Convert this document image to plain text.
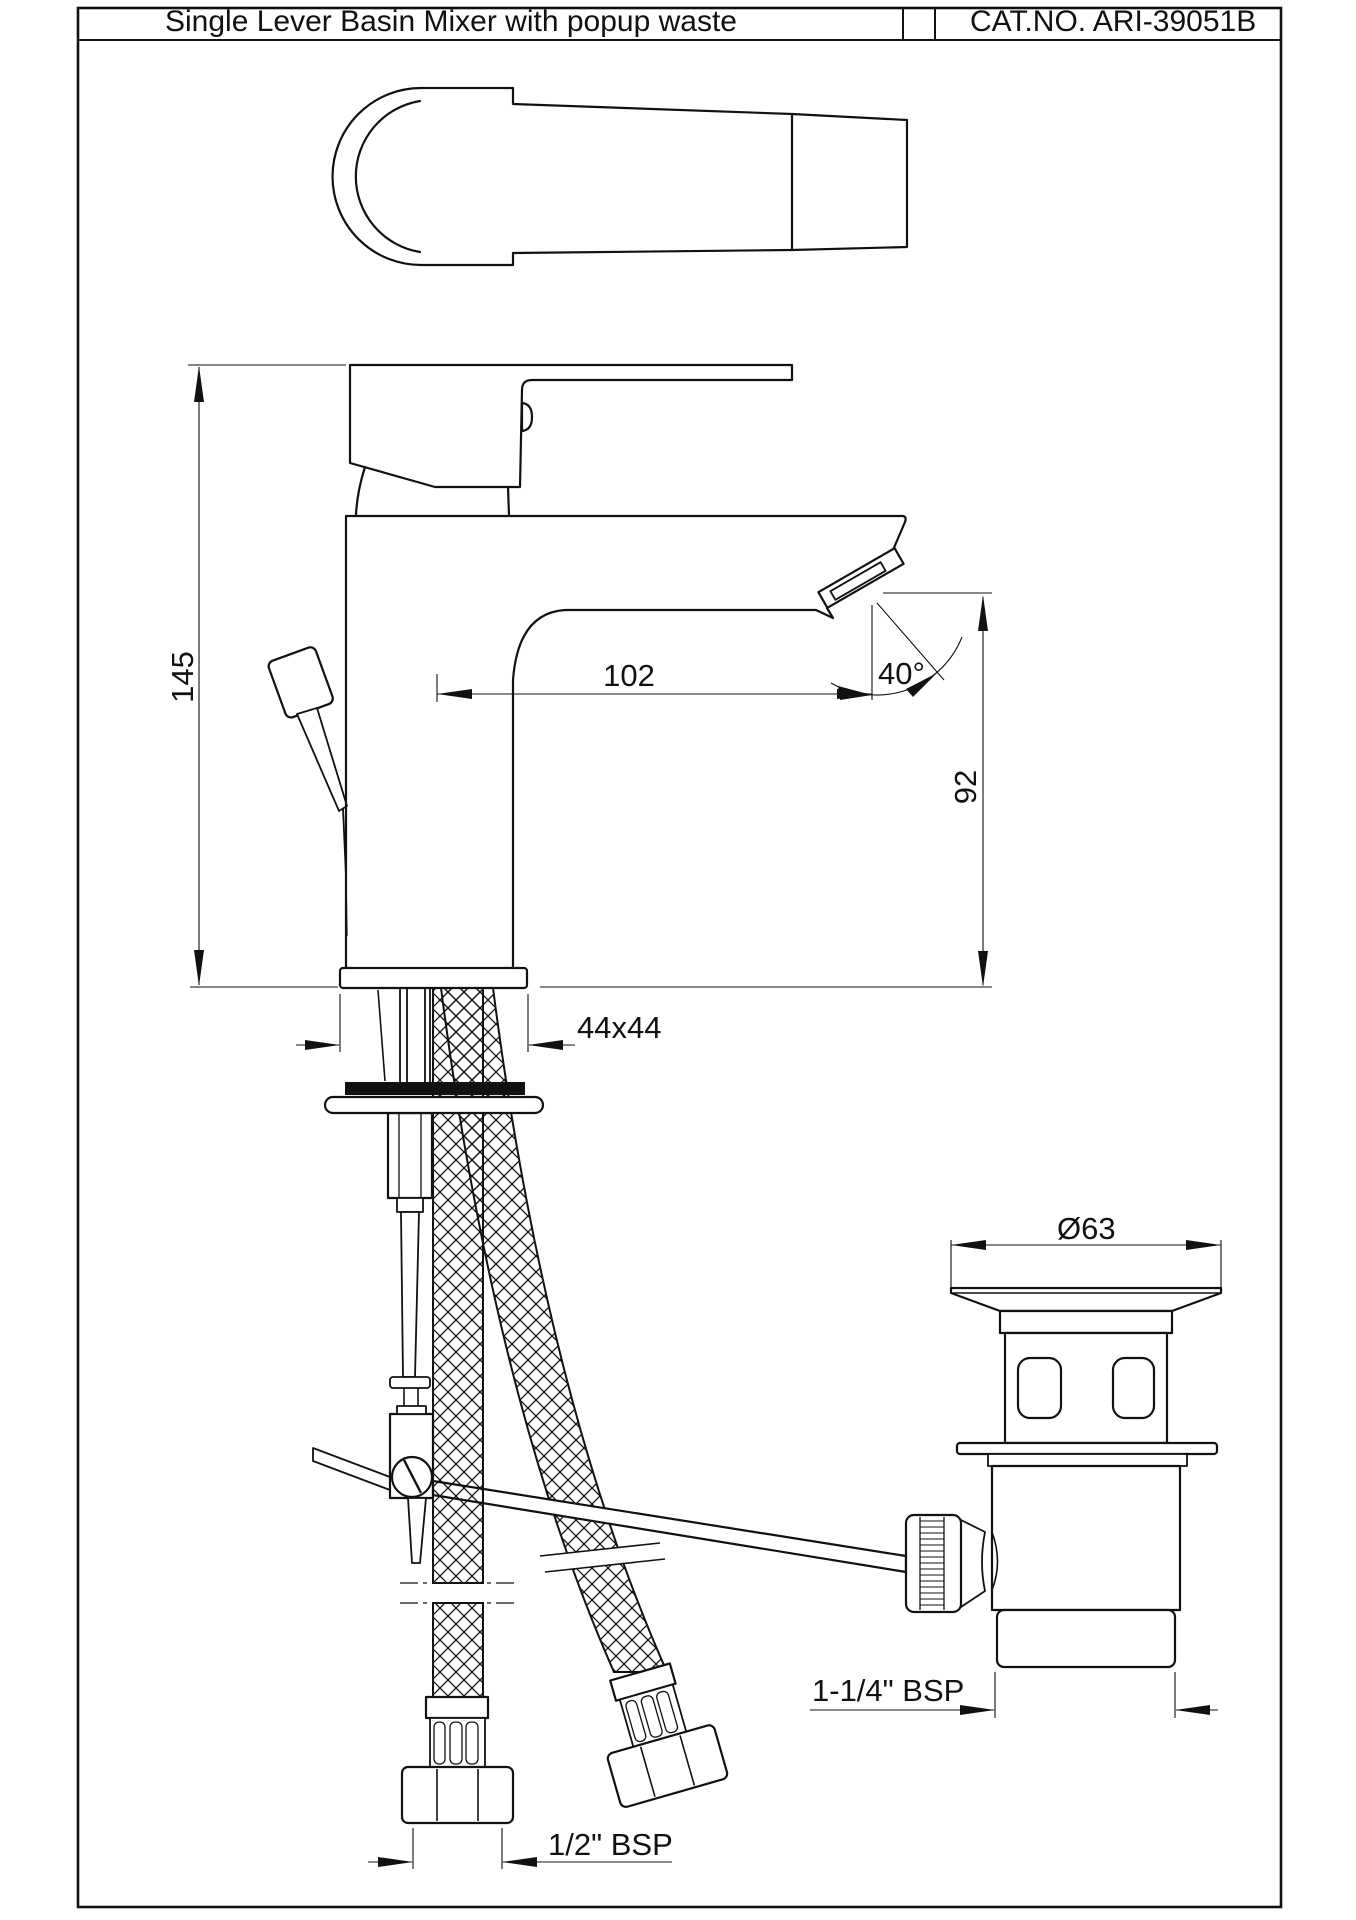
Single Lever Basin Mixer with popup waste	CAT.NO. ARI-39051B
145	102	40°
92
44x44
Ø63
1-1/4" BSP
1/2" BSP
